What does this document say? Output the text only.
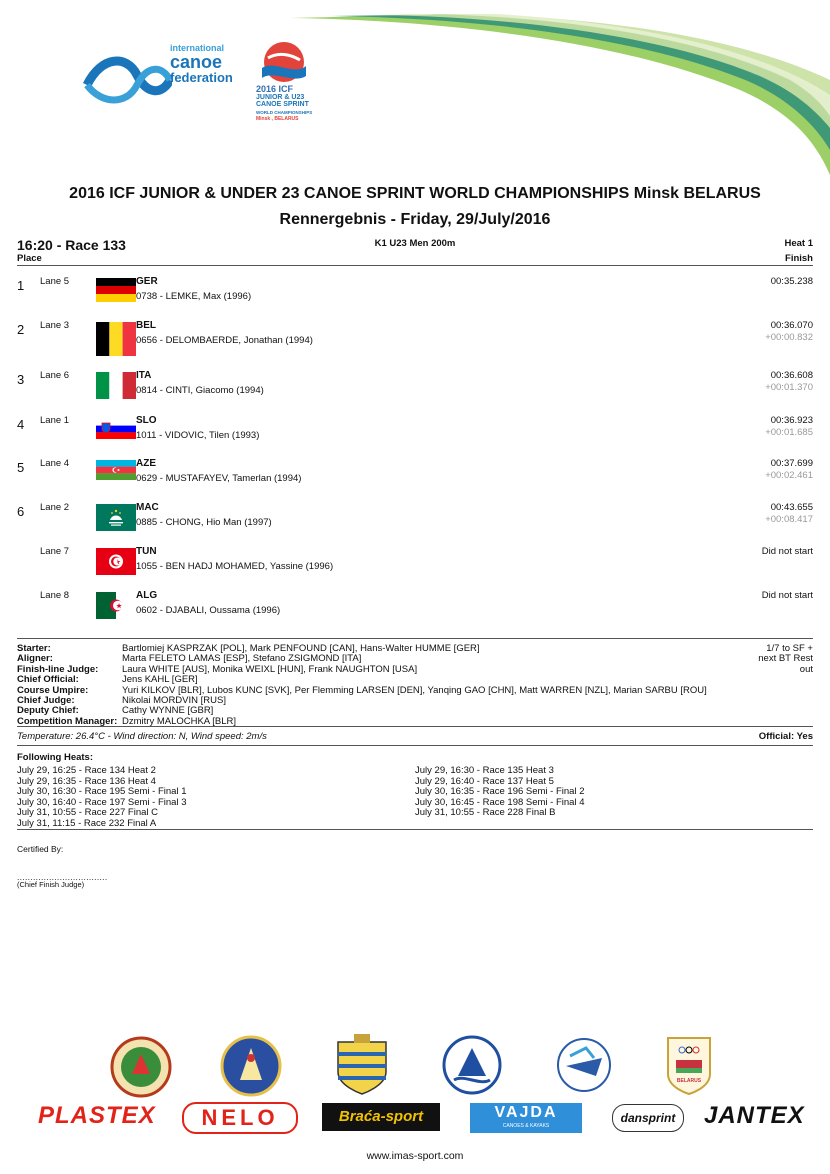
international
canoe
federation
2016 ICF
JUNIOR & U23
CANOE SPRINT
WORLD CHAMPIONSHIPS
Minsk , BELARUS
2016 ICF JUNIOR & UNDER 23 CANOE SPRINT WORLD CHAMPIONSHIPS Minsk BELARUS
Rennergebnis - Friday, 29/July/2016
16:20 - Race 133	K1 U23 Men 200m	Heat 1
Place	Finish
1 Lane 5	GER
0738 - LEMKE, Max (1996)
00:35.238
2 Lane 3	BEL
0656 - DELOMBAERDE, Jonathan (1994)
00:36.070
+00:00.832
3 Lane 6	ITA
0814 - CINTI, Giacomo (1994)
00:36.608
+00:01.370
4 Lane 1	SLO
1011 - VIDOVIC, Tilen (1993)
00:36.923
+00:01.685
5 Lane 4	AZE
0629 - MUSTAFAYEV, Tamerlan (1994)
00:37.699
+00:02.461
6 Lane 2	MAC
0885 - CHONG, Hio Man (1997)
00:43.655
+00:08.417
Lane 7	TUN
1055 - BEN HADJ MOHAMED, Yassine (1996)
Did not start
Lane 8	ALG
0602 - DJABALI, Oussama (1996)
Did not start
Starter:	Bartlomiej KASPRZAK [POL], Mark PENFOUND [CAN], Hans-Walter HUMME [GER]
Aligner:	Marta FELETO LAMAS [ESP], Stefano ZSIGMOND [ITA]
Finish-line Judge:	Laura WHITE [AUS], Monika WEIXL [HUN], Frank NAUGHTON [USA]
Chief Official:	Jens KAHL [GER]
Course Umpire:	Yuri KILKOV [BLR], Lubos KUNC [SVK], Per Flemming LARSEN [DEN], Yanqing GAO [CHN], Matt WARREN [NZL], Marian SARBU [ROU]
Chief Judge:	Nikolai MORDVIN [RUS]
Deputy Chief:	Cathy WYNNE [GBR]
Competition Manager:	Dzmitry MALOCHKA [BLR]
1/7 to SF +
next BT Rest
out
Temperature: 26.4°C - Wind direction: N, Wind speed: 2m/s	Official: Yes
Following Heats:
July 29, 16:25 - Race 134 Heat 2
July 29, 16:35 - Race 136 Heat 4
July 30, 16:30 - Race 195 Semi - Final 1
July 30, 16:40 - Race 197 Semi - Final 3
July 31, 10:55 - Race 227 Final C
July 31, 11:15 - Race 232 Final A
July 29, 16:30 - Race 135 Heat 3
July 29, 16:40 - Race 137 Heat 5
July 30, 16:35 - Race 196 Semi - Final 2
July 30, 16:45 - Race 198 Semi - Final 4
July 31, 10:55 - Race 228 Final B
Certified By:
..................................
(Chief Finish Judge)
BELARUS
PLASTEX	NELO	Braća-sport	VAJDA
CANOES & KAYAKS
dansprint	JANTEX
www.imas-sport.com
